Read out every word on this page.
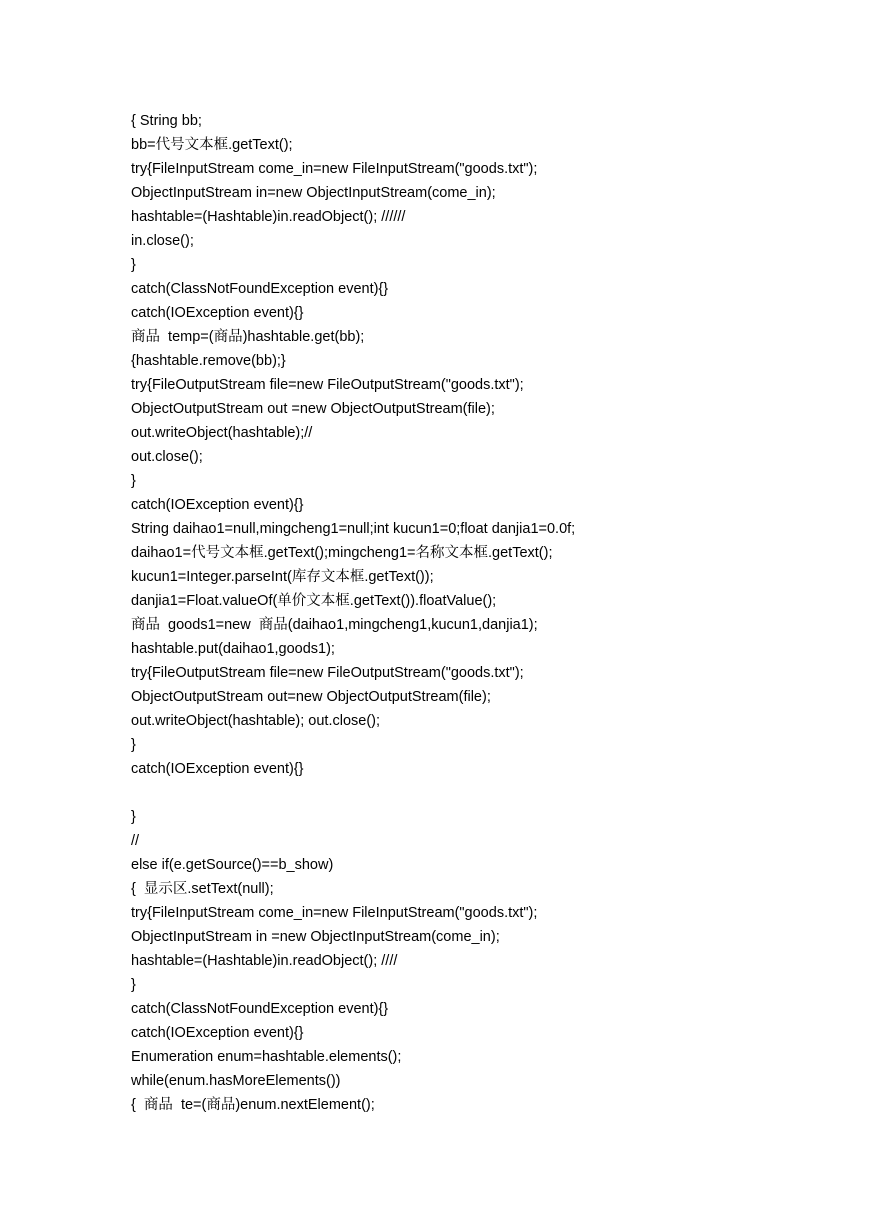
{ String bb;
bb=代号文本框.getText();
try{FileInputStream come_in=new FileInputStream("goods.txt");
ObjectInputStream in=new ObjectInputStream(come_in);
hashtable=(Hashtable)in.readObject(); //////
in.close();
}
catch(ClassNotFoundException event){}
catch(IOException event){}
商品  temp=(商品)hashtable.get(bb);
{hashtable.remove(bb);}
try{FileOutputStream file=new FileOutputStream("goods.txt");
ObjectOutputStream out =new ObjectOutputStream(file);
out.writeObject(hashtable);//
out.close();
}
catch(IOException event){}
String daihao1=null,mingcheng1=null;int kucun1=0;float danjia1=0.0f;
daihao1=代号文本框.getText();mingcheng1=名称文本框.getText();
kucun1=Integer.parseInt(库存文本框.getText());
danjia1=Float.valueOf(单价文本框.getText()).floatValue();
商品  goods1=new  商品(daihao1,mingcheng1,kucun1,danjia1);
hashtable.put(daihao1,goods1);
try{FileOutputStream file=new FileOutputStream("goods.txt");
ObjectOutputStream out=new ObjectOutputStream(file);
out.writeObject(hashtable); out.close();
}
catch(IOException event){}
}
//
else if(e.getSource()==b_show)
{  显示区.setText(null);
try{FileInputStream come_in=new FileInputStream("goods.txt");
ObjectInputStream in =new ObjectInputStream(come_in);
hashtable=(Hashtable)in.readObject(); ////
}
catch(ClassNotFoundException event){}
catch(IOException event){}
Enumeration enum=hashtable.elements();
while(enum.hasMoreElements())
{  商品  te=(商品)enum.nextElement();
